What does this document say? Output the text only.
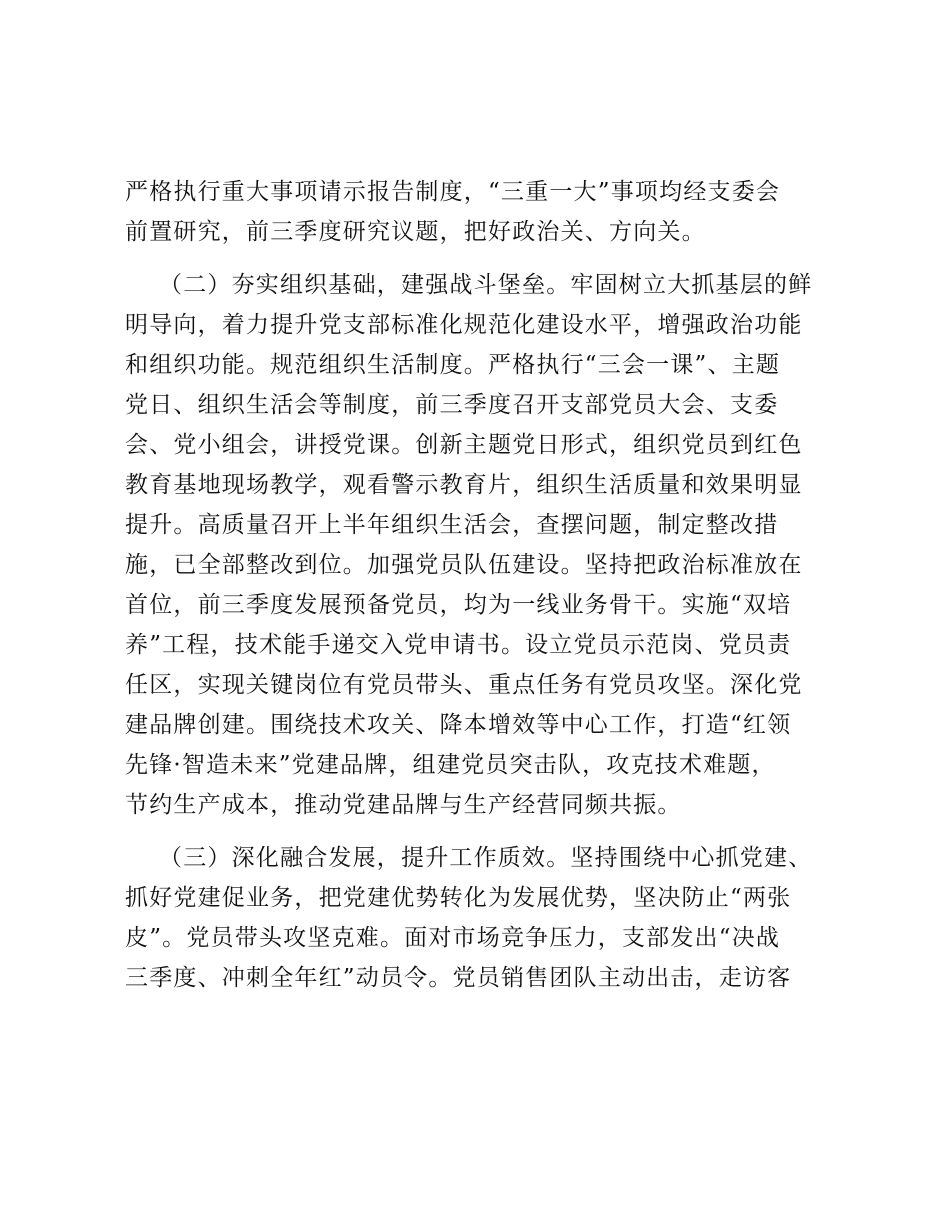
严格执行重大事项请示报告制度，“三重一大”事项均经支委会
前置研究，前三季度研究议题，把好政治关、方向关。
（二）夯实组织基础，建强战斗堡垒。牢固树立大抓基层的鲜
明导向，着力提升党支部标准化规范化建设水平，增强政治功能
和组织功能。规范组织生活制度。严格执行“三会一课”、主题
党日、组织生活会等制度，前三季度召开支部党员大会、支委
会、党小组会，讲授党课。创新主题党日形式，组织党员到红色
教育基地现场教学，观看警示教育片，组织生活质量和效果明显
提升。高质量召开上半年组织生活会，查摆问题，制定整改措
施，已全部整改到位。加强党员队伍建设。坚持把政治标准放在
首位，前三季度发展预备党员，均为一线业务骨干。实施“双培
养”工程，技术能手递交入党申请书。设立党员示范岗、党员责
任区，实现关键岗位有党员带头、重点任务有党员攻坚。深化党
建品牌创建。围绕技术攻关、降本增效等中心工作，打造“红领
先锋·智造未来”党建品牌，组建党员突击队，攻克技术难题，
节约生产成本，推动党建品牌与生产经营同频共振。
（三）深化融合发展，提升工作质效。坚持围绕中心抓党建、
抓好党建促业务，把党建优势转化为发展优势，坚决防止“两张
皮”。党员带头攻坚克难。面对市场竞争压力，支部发出“决战
三季度、冲刺全年红”动员令。党员销售团队主动出击，走访客
